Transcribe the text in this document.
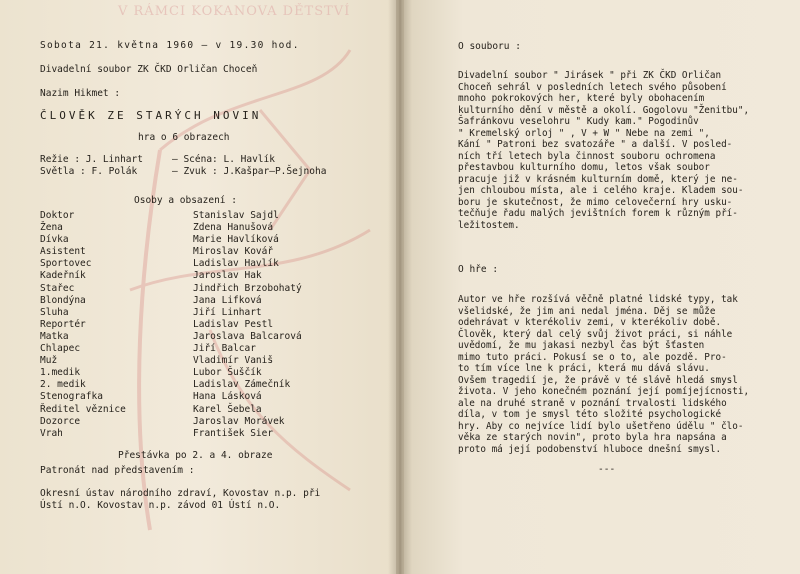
V RÁMCI KOKANOVA DĚTSTVÍ
Sobota 21. května 1960 – v 19.30 hod.
Divadelní soubor ZK ČKD Orličan Choceň
Nazim Hikmet :
ČLOVĚK ZE STARÝCH NOVIN
hra o 6 obrazech
Režie : J. Linhart	– Scéna: L. Havlík
Světla : F. Polák	– Zvuk : J.Kašpar–P.Šejnoha
Osoby a obsazení :
Doktor	Stanislav Sajdl
Žena	Zdena Hanušová
Dívka	Marie Havlíková
Asistent	Miroslav Kovář
Sportovec	Ladislav Havlík
Kadeřník	Jaroslav Hak
Stařec	Jindřich Brzobohatý
Blondýna	Jana Lifková
Sluha	Jiří Linhart
Reportér	Ladislav Pestl
Matka	Jaroslava Balcarová
Chlapec	Jiří Balcar
Muž	Vladimír Vaniš
1.medik	Lubor Šuščík
2. medik	Ladislav Zámečník
Stenografka	Hana Lásková
Ředitel věznice	Karel Šebela
Dozorce	Jaroslav Morávek
Vrah	František Sier
Přestávka po 2. a 4. obraze
Patronát nad představením :
Okresní ústav národního zdraví, Kovostav n.p. při
Ústí n.O. Kovostav n.p. závod 01 Ústí n.O.
O souboru :
Divadelní soubor " Jirásek " při ZK ČKD Orličan
Choceň sehrál v posledních letech svého působení
mnoho pokrokových her, které byly obohacením
kulturního dění v městě a okolí. Gogolovu "Ženitbu",
Šafránkovu veselohru " Kudy kam." Pogodinův
" Kremelský orloj " , V + W " Nebe na zemi ",
Kání " Patroni bez svatozáře " a další. V posled-
ních tří letech byla činnost souboru ochromena
přestavbou kulturního domu, letos však soubor
pracuje již v krásném kulturním domě, který je ne-
jen chloubou místa, ale i celého kraje. Kladem sou-
boru je skutečnost, že mimo celovečerní hry usku-
tečňuje řadu malých jevištních forem k různým pří-
ležitostem.
O hře :
Autor ve hře rozšívá věčně platné lidské typy, tak
všelidské, že jim ani nedal jména. Děj se může
odehrávat v kterékoliv zemi, v kterékoliv době.
Člověk, který dal celý svůj život práci, si náhle
uvědomí, že mu jakasi nezbyl čas být šťasten
mimo tuto práci. Pokusí se o to, ale pozdě. Pro-
to tím více lne k práci, která mu dává slávu.
Ovšem tragedií je, že právě v té slávě hledá smysl
života. V jeho konečném poznání její pomíjejícnosti,
ale na druhé straně v poznání trvalosti lidského
díla, v tom je smysl této složité psychologické
hry. Aby co nejvíce lidí bylo ušetřeno údělu " člo-
věka ze starých novin", proto byla hra napsána a
proto má její podobenství hluboce dnešní smysl.
---
